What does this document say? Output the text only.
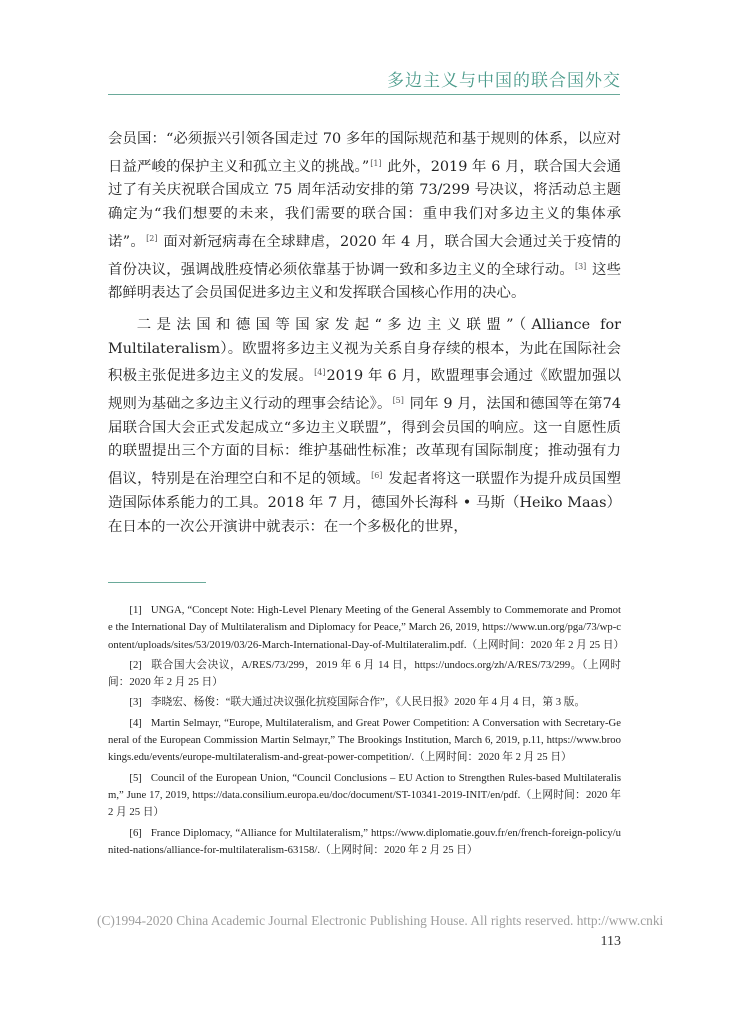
多边主义与中国的联合国外交

会员国：“必须振兴引领各国走过 70 多年的国际规范和基于规则的体系，以应对日益严峻的保护主义和孤立主义的挑战。”[1] 此外，2019 年 6 月，联合国大会通过了有关庆祝联合国成立 75 周年活动安排的第 73/299 号决议，将活动总主题确定为“我们想要的未来，我们需要的联合国：重申我们对多边主义的集体承诺”。[2] 面对新冠病毒在全球肆虐，2020 年 4 月，联合国大会通过关于疫情的首份决议，强调战胜疫情必须依靠基于协调一致和多边主义的全球行动。[3] 这些都鲜明表达了会员国促进多边主义和发挥联合国核心作用的决心。

二是法国和德国等国家发起“多边主义联盟”（Alliance for Multilateralism）。欧盟将多边主义视为关系自身存续的根本，为此在国际社会积极主张促进多边主义的发展。[4]2019 年 6 月，欧盟理事会通过《欧盟加强以规则为基础之多边主义行动的理事会结论》。[5] 同年 9 月，法国和德国等在第74届联合国大会正式发起成立“多边主义联盟”，得到会员国的响应。这一自愿性质的联盟提出三个方面的目标：维护基础性标准；改革现有国际制度；推动强有力倡议，特别是在治理空白和不足的领域。[6] 发起者将这一联盟作为提升成员国塑造国际体系能力的工具。2018 年 7 月，德国外长海科 • 马斯（Heiko Maas）在日本的一次公开演讲中就表示：在一个多极化的世界，

[1] UNGA, “Concept Note: High-Level Plenary Meeting of the General Assembly to Commemorate and Promote the International Day of Multilateralism and Diplomacy for Peace,” March 26, 2019, https://www.un.org/pga/73/wp-content/uploads/sites/53/2019/03/26-March-International-Day-of-Multilateralim.pdf.（上网时间：2020 年 2 月 25 日）
[2] 联合国大会决议，A/RES/73/299，2019 年 6 月 14 日，https://undocs.org/zh/A/RES/73/299。（上网时间：2020 年 2 月 25 日）
[3] 李晓宏、杨俊：“联大通过决议强化抗疫国际合作”，《人民日报》2020 年 4 月 4 日，第 3 版。
[4] Martin Selmayr, “Europe, Multilateralism, and Great Power Competition: A Conversation with Secretary-General of the European Commission Martin Selmayr,” The Brookings Institution, March 6, 2019, p.11, https://www.brookings.edu/events/europe-multilateralism-and-great-power-competition/.（上网时间：2020 年 2 月 25 日）
[5] Council of the European Union, “Council Conclusions – EU Action to Strengthen Rules-based Multilateralism,” June 17, 2019, https://data.consilium.europa.eu/doc/document/ST-10341-2019-INIT/en/pdf.（上网时间：2020 年 2 月 25 日）
[6] France Diplomacy, “Alliance for Multilateralism,” https://www.diplomatie.gouv.fr/en/french-foreign-policy/united-nations/alliance-for-multilateralism-63158/.（上网时间：2020 年 2 月 25 日）
(C)1994-2020 China Academic Journal Electronic Publishing House. All rights reserved. http://www.cnki
113
